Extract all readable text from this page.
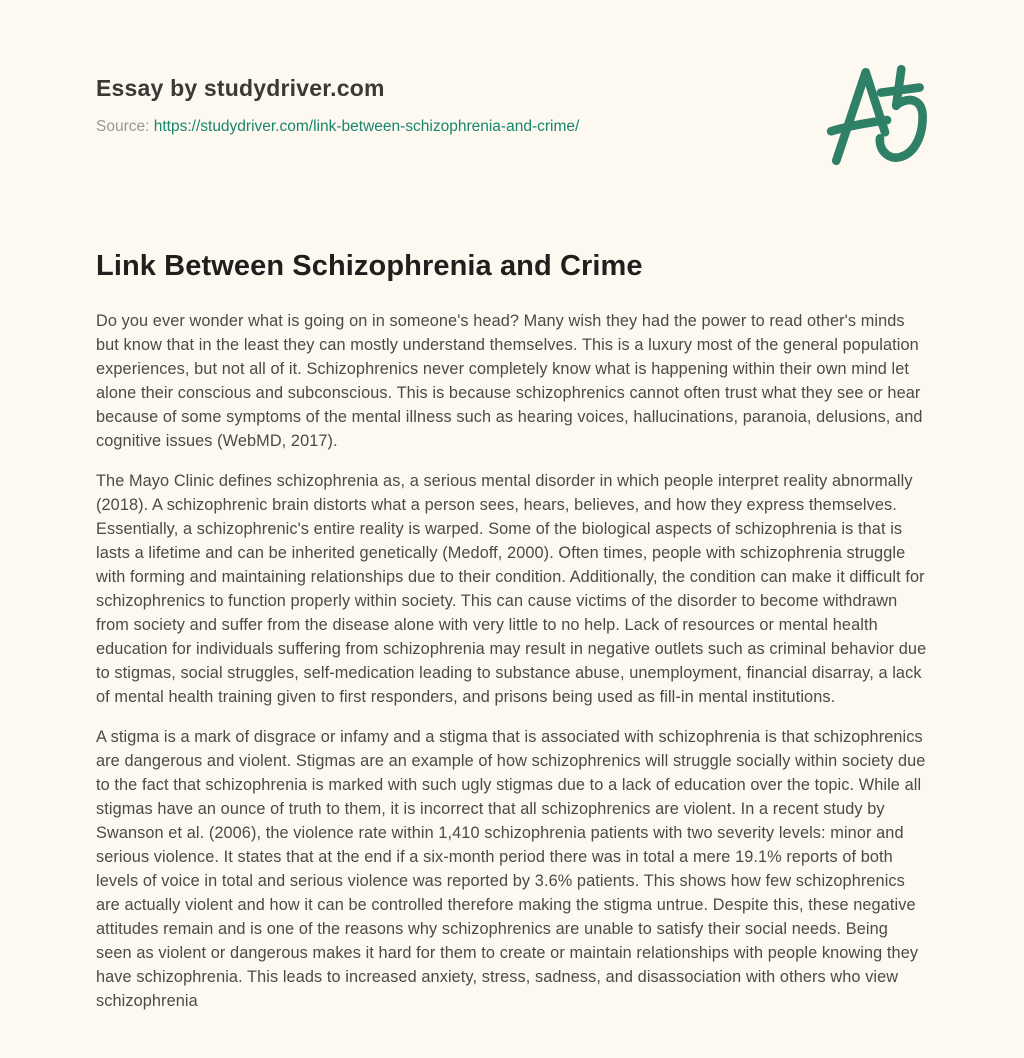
Essay by studydriver.com
Source: https://studydriver.com/link-between-schizophrenia-and-crime/
Link Between Schizophrenia and Crime

Do you ever wonder what is going on in someone's head? Many wish they had the power to read other's minds but know that in the least they can mostly understand themselves. This is a luxury most of the general population experiences, but not all of it. Schizophrenics never completely know what is happening within their own mind let alone their conscious and subconscious. This is because schizophrenics cannot often trust what they see or hear because of some symptoms of the mental illness such as hearing voices, hallucinations, paranoia, delusions, and cognitive issues (WebMD, 2017).

The Mayo Clinic defines schizophrenia as, a serious mental disorder in which people interpret reality abnormally (2018). A schizophrenic brain distorts what a person sees, hears, believes, and how they express themselves. Essentially, a schizophrenic's entire reality is warped. Some of the biological aspects of schizophrenia is that is lasts a lifetime and can be inherited genetically (Medoff, 2000). Often times, people with schizophrenia struggle with forming and maintaining relationships due to their condition. Additionally, the condition can make it difficult for schizophrenics to function properly within society. This can cause victims of the disorder to become withdrawn from society and suffer from the disease alone with very little to no help. Lack of resources or mental health education for individuals suffering from schizophrenia may result in negative outlets such as criminal behavior due to stigmas, social struggles, self-medication leading to substance abuse, unemployment, financial disarray, a lack of mental health training given to first responders, and prisons being used as fill-in mental institutions.

A stigma is a mark of disgrace or infamy and a stigma that is associated with schizophrenia is that schizophrenics are dangerous and violent. Stigmas are an example of how schizophrenics will struggle socially within society due to the fact that schizophrenia is marked with such ugly stigmas due to a lack of education over the topic. While all stigmas have an ounce of truth to them, it is incorrect that all schizophrenics are violent. In a recent study by Swanson et al. (2006), the violence rate within 1,410 schizophrenia patients with two severity levels: minor and serious violence. It states that at the end if a six-month period there was in total a mere 19.1% reports of both levels of voice in total and serious violence was reported by 3.6% patients. This shows how few schizophrenics are actually violent and how it can be controlled therefore making the stigma untrue. Despite this, these negative attitudes remain and is one of the reasons why schizophrenics are unable to satisfy their social needs. Being seen as violent or dangerous makes it hard for them to create or maintain relationships with people knowing they have schizophrenia. This leads to increased anxiety, stress, sadness, and disassociation with others who view schizophrenia
